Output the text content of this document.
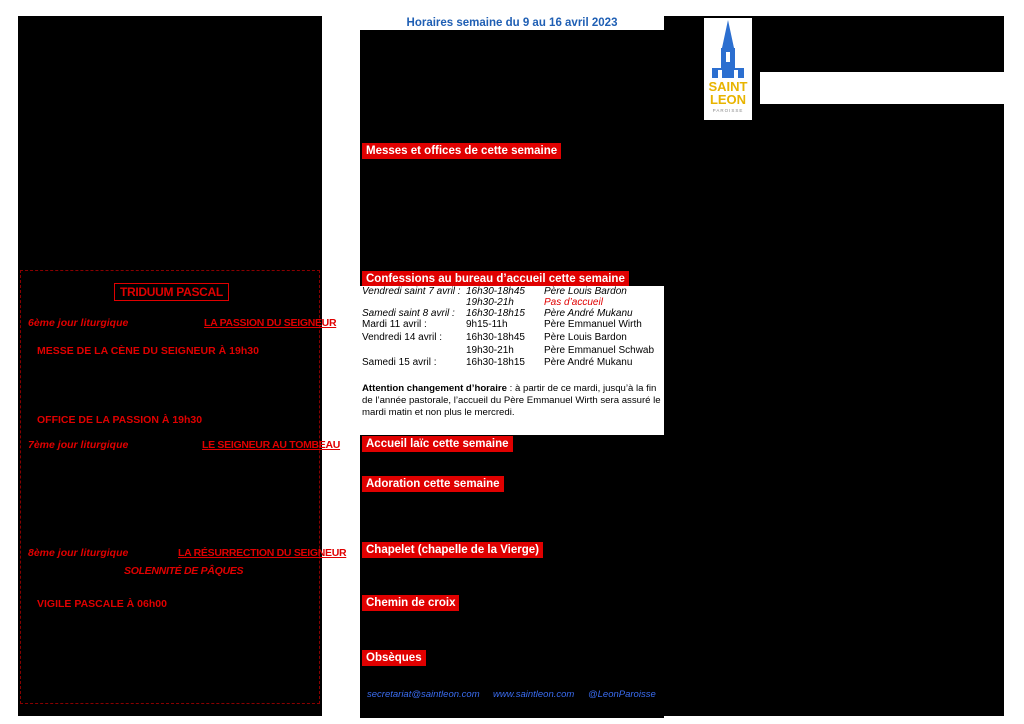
Horaires semaine du 9 au 16 avril 2023
SAINT
LEON
PAROISSE
Messes et offices de cette semaine
Confessions au bureau d’accueil cette semaine
Accueil laïc cette semaine
Adoration cette semaine
Chapelet (chapelle de la Vierge)
Chemin de croix
Obsèques
Vendredi saint 7 avril : 16h30-18h45 Père Louis Bardon
19h30-21h	Pas d’accueil
Samedi saint 8 avril : 16h30-18h15 Père André Mukanu
Mardi 11 avril :	9h15-11h	Père Emmanuel Wirth
Vendredi 14 avril : 16h30-18h45 Père Louis Bardon
19h30-21h	Père Emmanuel Schwab
Samedi 15 avril :	16h30-18h15 Père André Mukanu
Attention changement d’horaire : à partir de ce mardi, jusqu’à la fin de l’année pastorale, l’accueil du Père Emmanuel Wirth sera assuré le mardi matin et non plus le mercredi.
TRIDUUM PASCAL
6ème jour liturgique	LA PASSION DU SEIGNEUR
MESSE DE LA CÈNE DU SEIGNEUR À 19h30
OFFICE DE LA PASSION À 19h30
7ème jour liturgique	LE SEIGNEUR AU TOMBEAU
8ème jour liturgique	LA RÉSURRECTION DU SEIGNEUR
SOLENNITÉ DE PÂQUES
VIGILE PASCALE À 06h00
secretariat@saintleon.com www.saintleon.com @LeonParoisse
